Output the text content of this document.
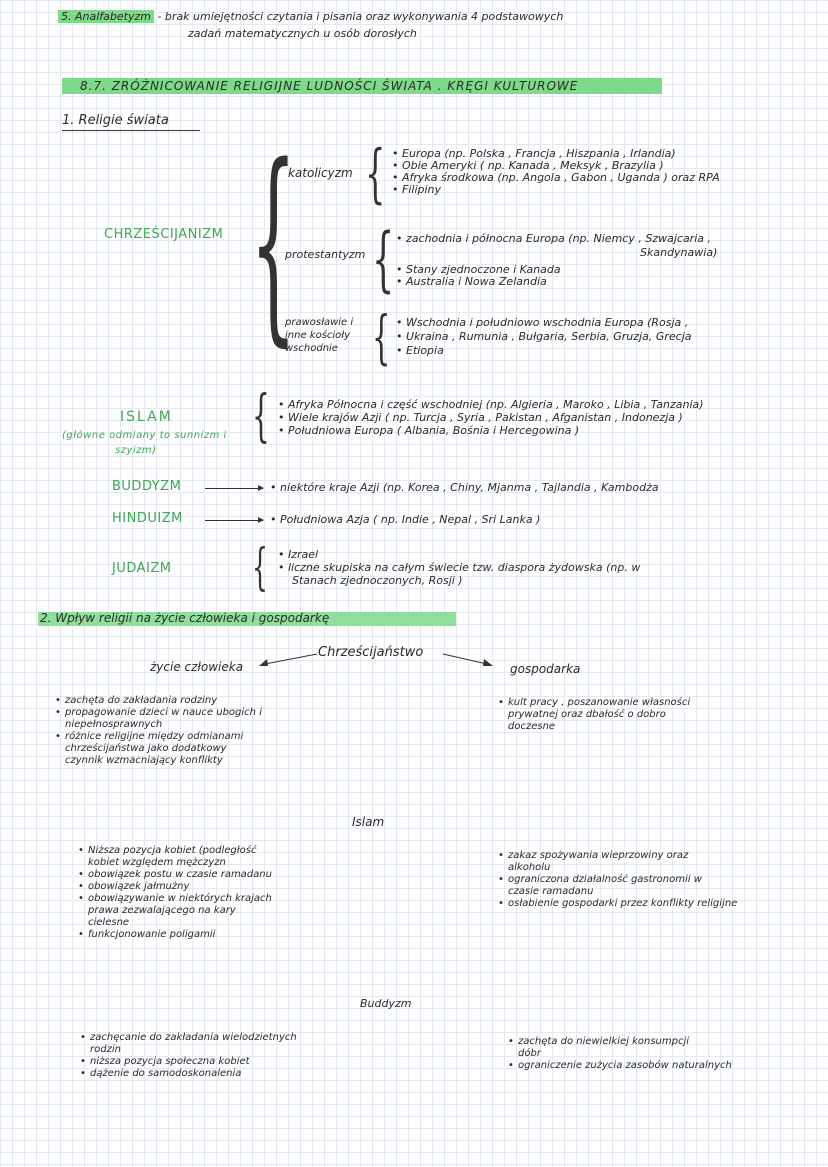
5. Analfabetyzm - brak umiejętności czytania i pisania oraz wykonywania 4 podstawowych
zadań matematycznych u osób dorosłych
8.7. ZRÓŻNICOWANIE RELIGIJNE LUDNOŚCI ŚWIATA . KRĘGI KULTUROWE
1. Religie świata
CHRZEŚCIJANIZM {
katolicyzm {	• Europa (np. Polska , Francja , Hiszpania , Irlandia)
• Obie Ameryki ( np. Kanada , Meksyk , Brazylia )
• Afryka środkowa (np. Angola , Gabon , Uganda ) oraz RPA
• Filipiny
protestantyzm {	• zachodnia i północna Europa (np. Niemcy , Szwajcaria ,
Skandynawia)
• Stany zjednoczone i Kanada
• Australia i Nowa Zelandia
prawosławie i
inne kościoły
wschodnie {	• Wschodnia i południowo wschodnia Europa (Rosja ,
• Ukraina , Rumunia , Bułgaria, Serbia, Gruzja, Grecja
• Etiopia
ISLAM
(główne odmiany to sunnizm i
szyizm)
{	• Afryka Północna i część wschodniej (np. Algieria , Maroko , Libia , Tanzania)
• Wiele krajów Azji ( np. Turcja , Syria , Pakistan , Afganistan , Indonezja )
• Południowa Europa ( Albania, Bośnia i Hercegowina )
BUDDYZM	• niektóre kraje Azji (np. Korea , Chiny, Mjanma , Tajlandia , Kambodża
HINDUIZM	• Południowa Azja ( np. Indie , Nepal , Sri Lanka )
JUDAIZM {	• Izrael
• liczne skupiska na całym świecie tzw. diaspora żydowska (np. w
Stanach zjednoczonych, Rosji )
2. Wpływ religii na życie człowieka i gospodarkę
Chrześcijaństwo
życie człowieka	gospodarka
• zachęta do zakładania rodziny
• propagowanie dzieci w nauce ubogich i
niepełnosprawnych
• różnice religijne między odmianami
chrześcijaństwa jako dodatkowy
czynnik wzmacniający konflikty
• kult pracy , poszanowanie własności
prywatnej oraz dbałość o dobro
doczesne
Islam
• Niższa pozycja kobiet (podległość
kobiet względem mężczyzn
• obowiązek postu w czasie ramadanu
• obowiązek jałmużny
• obowiązywanie w niektórych krajach
prawa zezwalającego na kary
cielesne
• funkcjonowanie poligamii
• zakaz spożywania wieprzowiny oraz
alkoholu
• ograniczona działalność gastronomii w
czasie ramadanu
• osłabienie gospodarki przez konflikty religijne
Buddyzm
• zachęcanie do zakładania wielodzietnych
rodzin
• niższa pozycja społeczna kobiet
• dążenie do samodoskonalenia
• zachęta do niewielkiej konsumpcji
dóbr
• ograniczenie zużycia zasobów naturalnych
